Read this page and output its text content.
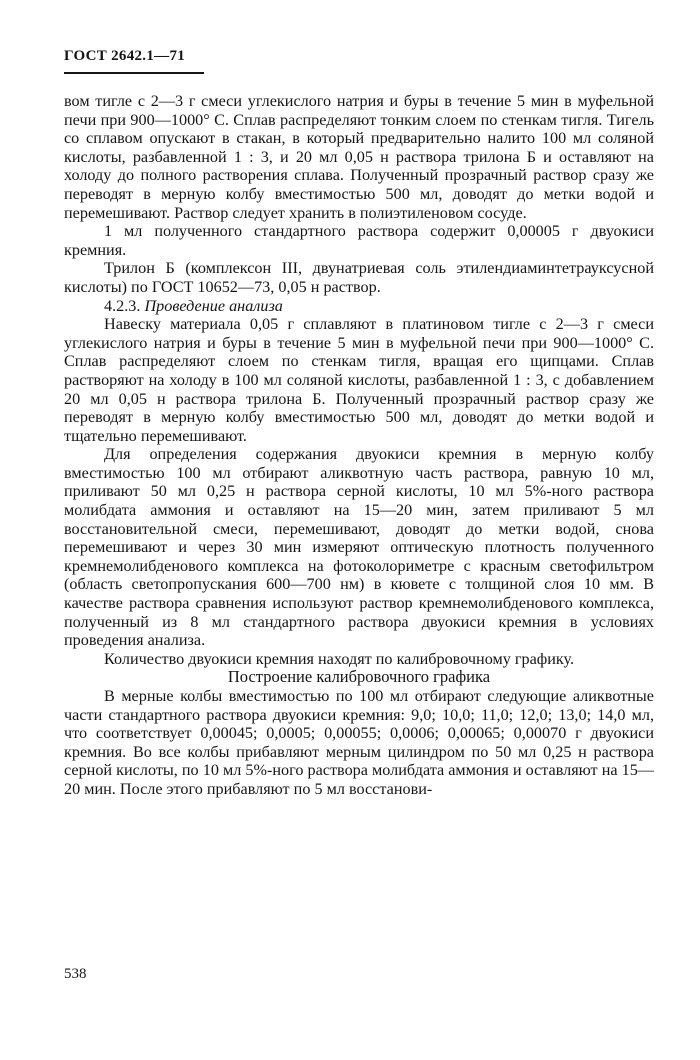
ГОСТ 2642.1—71

вом тигле с 2—3 г смеси углекислого натрия и буры в течение 5 мин в муфельной печи при 900—1000° С. Сплав распределяют тонким слоем по стенкам тигля. Тигель со сплавом опускают в стакан, в который предварительно налито 100 мл соляной кислоты, разбавленной 1 : 3, и 20 мл 0,05 н раствора трилона Б и оставляют на холоду до полного растворения сплава. Полученный прозрачный раствор сразу же переводят в мерную колбу вместимостью 500 мл, доводят до метки водой и перемешивают. Раствор следует хранить в полиэтиленовом сосуде.

1 мл полученного стандартного раствора содержит 0,00005 г двуокиси кремния.

Трилон Б (комплексон III, двунатриевая соль этилендиаминтетрауксусной кислоты) по ГОСТ 10652—73, 0,05 н раствор.

4.2.3. Проведение анализа

Навеску материала 0,05 г сплавляют в платиновом тигле с 2—3 г смеси углекислого натрия и буры в течение 5 мин в муфельной печи при 900—1000° С. Сплав распределяют слоем по стенкам тигля, вращая его щипцами. Сплав растворяют на холоду в 100 мл соляной кислоты, разбавленной 1 : 3, с добавлением 20 мл 0,05 н раствора трилона Б. Полученный прозрачный раствор сразу же переводят в мерную колбу вместимостью 500 мл, доводят до метки водой и тщательно перемешивают.

Для определения содержания двуокиси кремния в мерную колбу вместимостью 100 мл отбирают аликвотную часть раствора, равную 10 мл, приливают 50 мл 0,25 н раствора серной кислоты, 10 мл 5%-ного раствора молибдата аммония и оставляют на 15—20 мин, затем приливают 5 мл восстановительной смеси, перемешивают, доводят до метки водой, снова перемешивают и через 30 мин измеряют оптическую плотность полученного кремнемолибденового комплекса на фотоколориметре с красным светофильтром (область светопропускания 600—700 нм) в кювете с толщиной слоя 10 мм. В качестве раствора сравнения используют раствор кремнемолибденового комплекса, полученный из 8 мл стандартного раствора двуокиси кремния в условиях проведения анализа.

Количество двуокиси кремния находят по калибровочному графику.

Построение калибровочного графика

В мерные колбы вместимостью по 100 мл отбирают следующие аликвотные части стандартного раствора двуокиси кремния: 9,0; 10,0; 11,0; 12,0; 13,0; 14,0 мл, что соответствует 0,00045; 0,0005; 0,00055; 0,0006; 0,00065; 0,00070 г двуокиси кремния. Во все колбы прибавляют мерным цилиндром по 50 мл 0,25 н раствора серной кислоты, по 10 мл 5%-ного раствора молибдата аммония и оставляют на 15—20 мин. После этого прибавляют по 5 мл восстанови-

538
